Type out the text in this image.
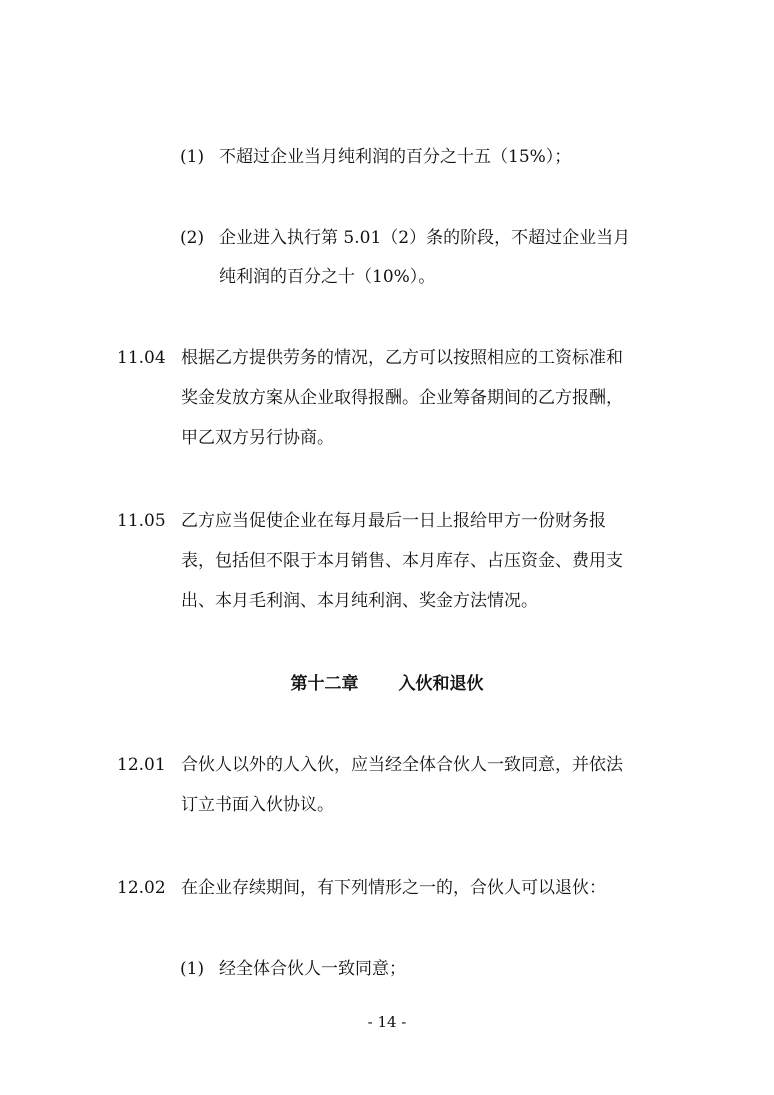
(1) 不超过企业当月纯利润的百分之十五（15%）；
(2) 企业进入执行第 5.01（2）条的阶段，不超过企业当月
纯利润的百分之十（10%）。
11.04 根据乙方提供劳务的情况，乙方可以按照相应的工资标准和
奖金发放方案从企业取得报酬。企业筹备期间的乙方报酬，
甲乙双方另行协商。
11.05 乙方应当促使企业在每月最后一日上报给甲方一份财务报
表，包括但不限于本月销售、本月库存、占压资金、费用支
出、本月毛利润、本月纯利润、奖金方法情况。
第十二章 入伙和退伙
12.01 合伙人以外的人入伙，应当经全体合伙人一致同意，并依法
订立书面入伙协议。
12.02 在企业存续期间，有下列情形之一的，合伙人可以退伙：
(1) 经全体合伙人一致同意；
- 14 -
